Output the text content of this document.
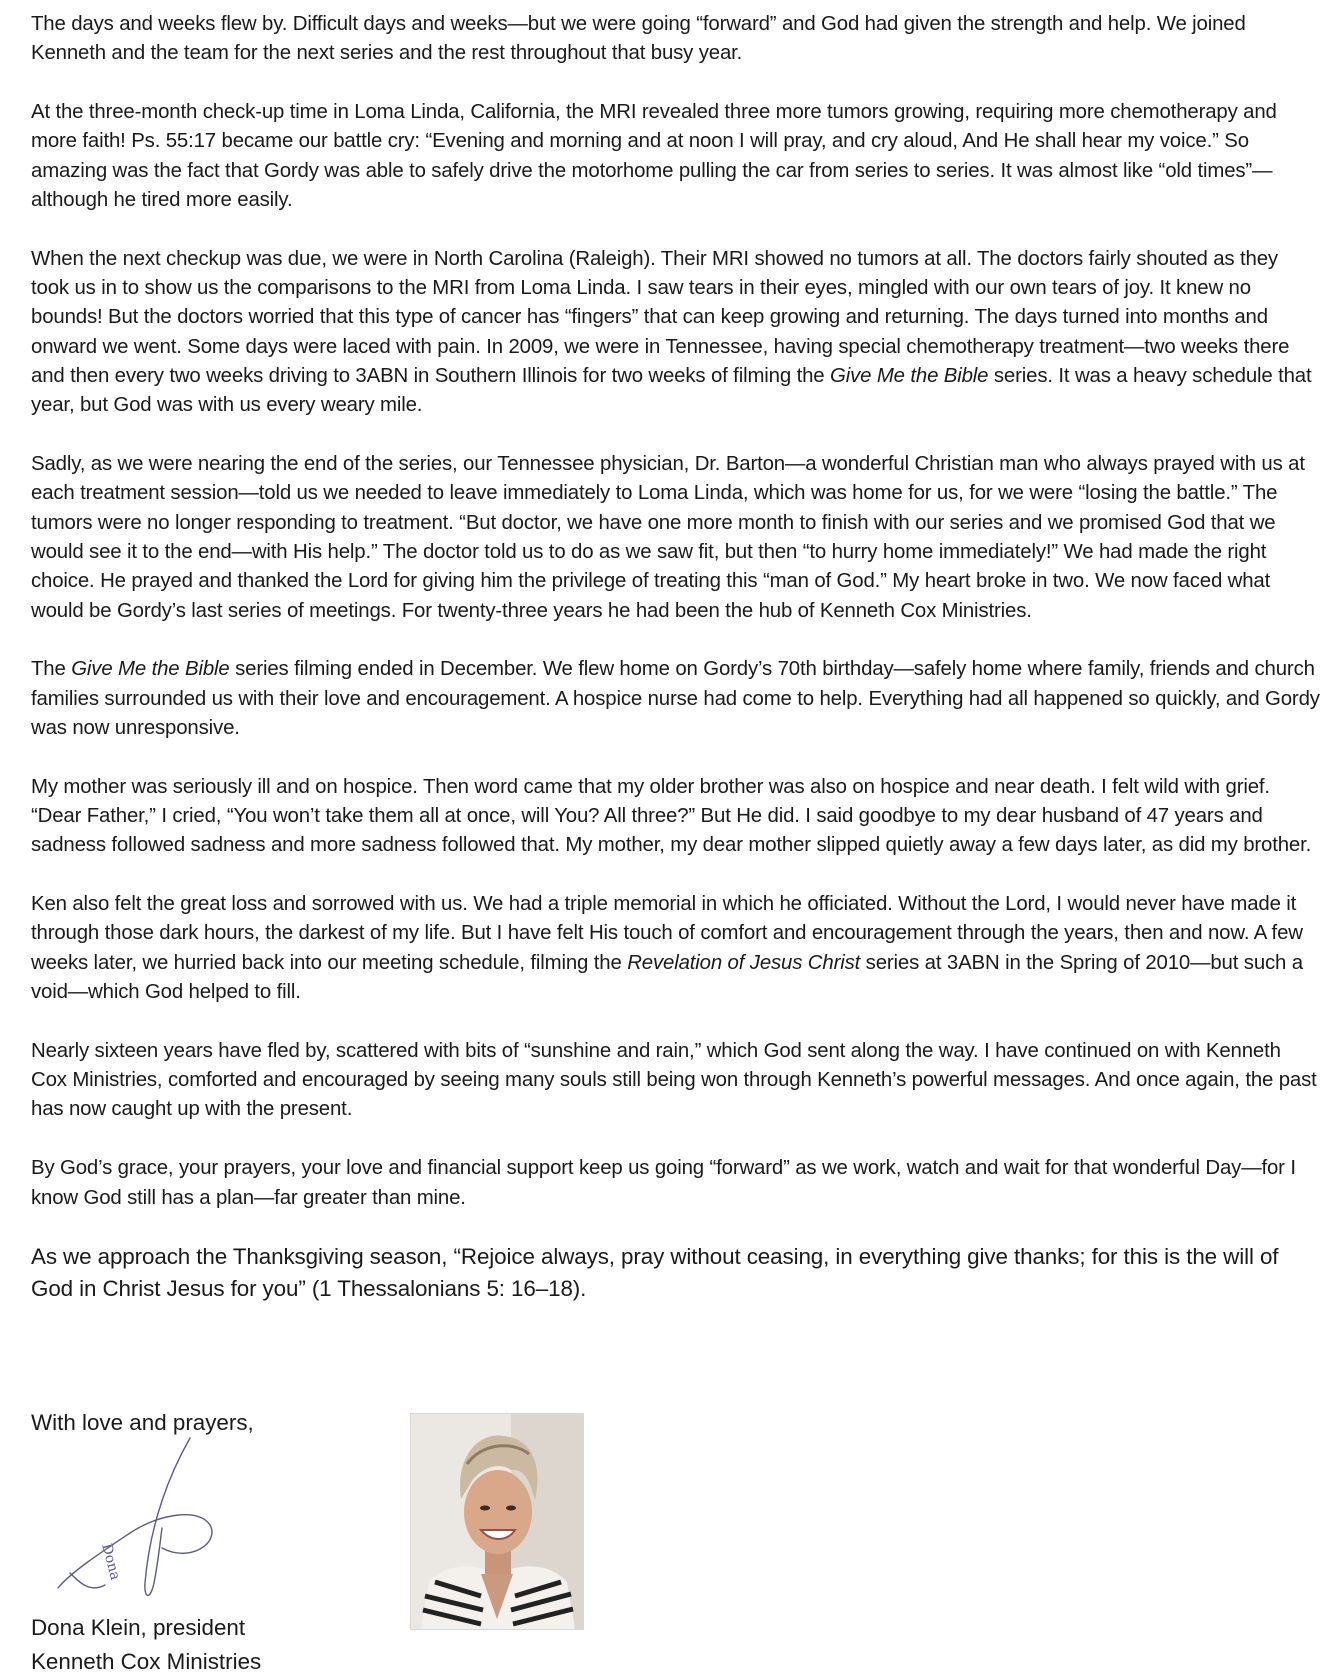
The days and weeks flew by. Difficult days and weeks—but we were going “forward” and God had given the strength and help. We joined Kenneth and the team for the next series and the rest throughout that busy year.

At the three-month check-up time in Loma Linda, California, the MRI revealed three more tumors growing, requiring more chemotherapy and more faith! Ps. 55:17 became our battle cry: “Evening and morning and at noon I will pray, and cry aloud, And He shall hear my voice.” So amazing was the fact that Gordy was able to safely drive the motorhome pulling the car from series to series. It was almost like “old times”—although he tired more easily.

When the next checkup was due, we were in North Carolina (Raleigh). Their MRI showed no tumors at all. The doctors fairly shouted as they took us in to show us the comparisons to the MRI from Loma Linda. I saw tears in their eyes, mingled with our own tears of joy. It knew no bounds! But the doctors worried that this type of cancer has “fingers” that can keep growing and returning. The days turned into months and onward we went. Some days were laced with pain. In 2009, we were in Tennessee, having special chemotherapy treatment—two weeks there and then every two weeks driving to 3ABN in Southern Illinois for two weeks of filming the Give Me the Bible series. It was a heavy schedule that year, but God was with us every weary mile.

Sadly, as we were nearing the end of the series, our Tennessee physician, Dr. Barton—a wonderful Christian man who always prayed with us at each treatment session—told us we needed to leave immediately to Loma Linda, which was home for us, for we were “losing the battle.” The tumors were no longer responding to treatment. “But doctor, we have one more month to finish with our series and we promised God that we would see it to the end—with His help.” The doctor told us to do as we saw fit, but then “to hurry home immediately!” We had made the right choice. He prayed and thanked the Lord for giving him the privilege of treating this “man of God.” My heart broke in two. We now faced what would be Gordy’s last series of meetings. For twenty-three years he had been the hub of Kenneth Cox Ministries.

The Give Me the Bible series filming ended in December. We flew home on Gordy’s 70th birthday—safely home where family, friends and church families surrounded us with their love and encouragement. A hospice nurse had come to help. Everything had all happened so quickly, and Gordy was now unresponsive.

My mother was seriously ill and on hospice. Then word came that my older brother was also on hospice and near death. I felt wild with grief. “Dear Father,” I cried, “You won’t take them all at once, will You? All three?” But He did. I said goodbye to my dear husband of 47 years and sadness followed sadness and more sadness followed that. My mother, my dear mother slipped quietly away a few days later, as did my brother.

Ken also felt the great loss and sorrowed with us. We had a triple memorial in which he officiated. Without the Lord, I would never have made it through those dark hours, the darkest of my life. But I have felt His touch of comfort and encouragement through the years, then and now. A few weeks later, we hurried back into our meeting schedule, filming the Revelation of Jesus Christ series at 3ABN in the Spring of 2010—but such a void—which God helped to fill.

Nearly sixteen years have fled by, scattered with bits of “sunshine and rain,” which God sent along the way. I have continued on with Kenneth Cox Ministries, comforted and encouraged by seeing many souls still being won through Kenneth’s powerful messages. And once again, the past has now caught up with the present.

By God’s grace, your prayers, your love and financial support keep us going “forward” as we work, watch and wait for that wonderful Day—for I know God still has a plan—far greater than mine.

As we approach the Thanksgiving season, “Rejoice always, pray without ceasing, in everything give thanks; for this is the will of God in Christ Jesus for you” (1 Thessalonians 5: 16–18).

With love and prayers,
Dona
Dona Klein, president
Kenneth Cox Ministries
